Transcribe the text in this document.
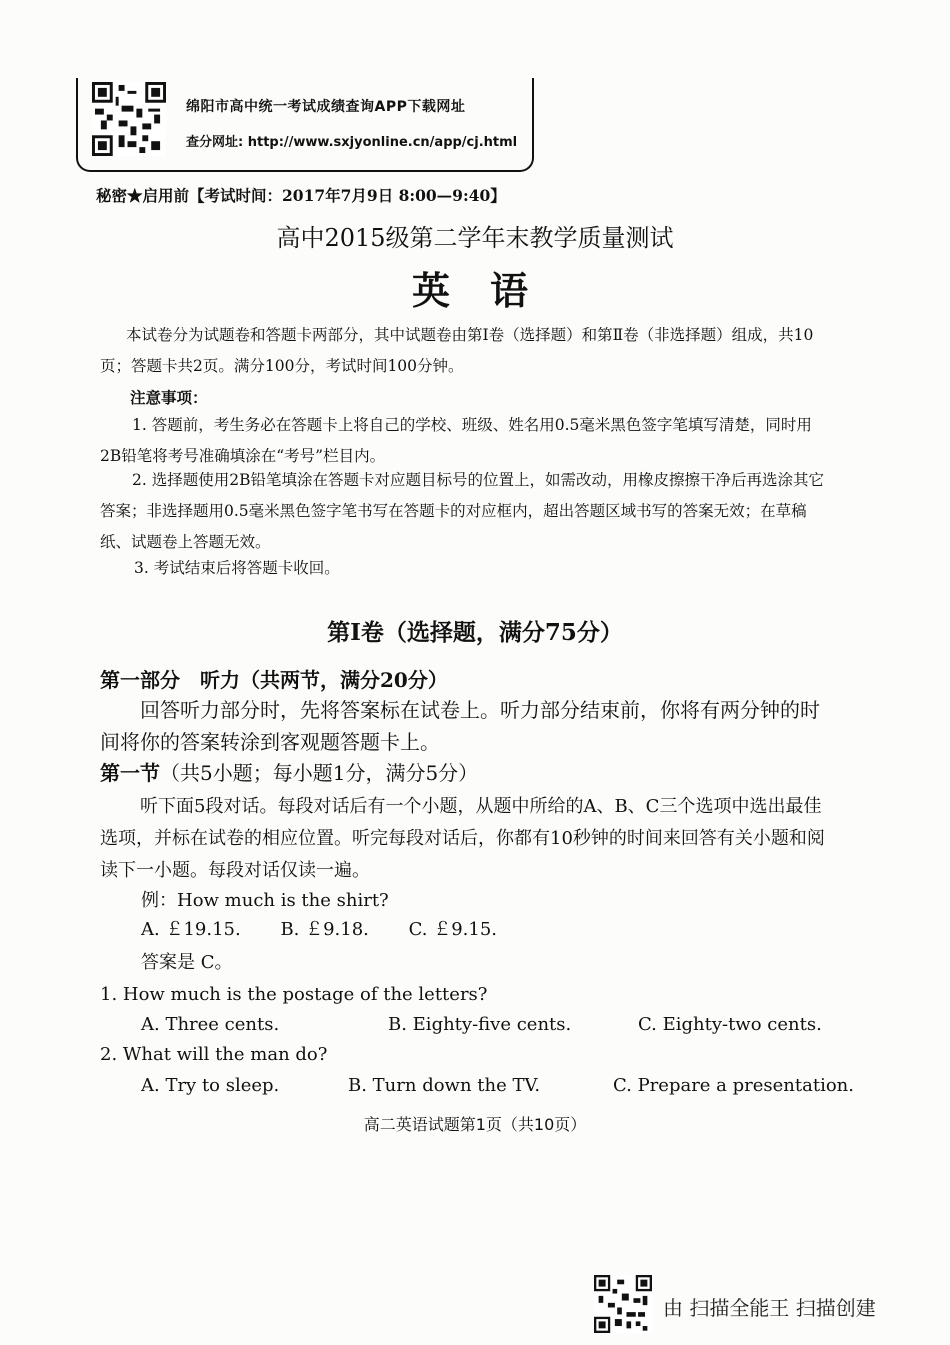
绵阳市高中统一考试成绩查询APP下载网址
查分网址: http://www.sxjyonline.cn/app/cj.html
秘密★启用前【考试时间：2017年7月9日 8:00—9:40】
高中2015级第二学年末教学质量测试
英语
本试卷分为试题卷和答题卡两部分，其中试题卷由第Ⅰ卷（选择题）和第Ⅱ卷（非选择题）组成，共10页；答题卡共2页。满分100分，考试时间100分钟。
注意事项：
1. 答题前，考生务必在答题卡上将自己的学校、班级、姓名用0.5毫米黑色签字笔填写清楚，同时用2B铅笔将考号准确填涂在“考号”栏目内。
2. 选择题使用2B铅笔填涂在答题卡对应题目标号的位置上，如需改动，用橡皮擦擦干净后再选涂其它答案；非选择题用0.5毫米黑色签字笔书写在答题卡的对应框内，超出答题区域书写的答案无效；在草稿纸、试题卷上答题无效。
3. 考试结束后将答题卡收回。
第Ⅰ卷（选择题，满分75分）
第一部分　听力（共两节，满分20分）
回答听力部分时，先将答案标在试卷上。听力部分结束前，你将有两分钟的时间将你的答案转涂到客观题答题卡上。
第一节（共5小题；每小题1分，满分5分）
听下面5段对话。每段对话后有一个小题，从题中所给的A、B、C三个选项中选出最佳选项，并标在试卷的相应位置。听完每段对话后，你都有10秒钟的时间来回答有关小题和阅读下一小题。每段对话仅读一遍。
例：How much is the shirt?
A. ￡19.15. B. ￡9.18. C. ￡9.15.
答案是 C。
1. How much is the postage of the letters?
A. Three cents.	B. Eighty-five cents.	C. Eighty-two cents.
2. What will the man do?
A. Try to sleep.	B. Turn down the TV.	C. Prepare a presentation.
高二英语试题第1页（共10页）
由 扫描全能王 扫描创建
